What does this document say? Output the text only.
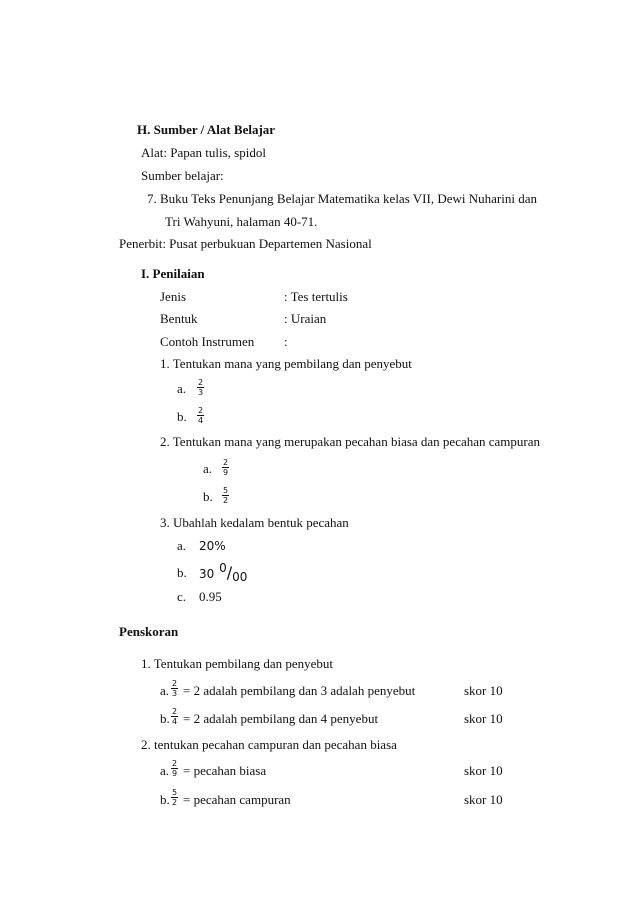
H. Sumber / Alat Belajar
Alat: Papan tulis, spidol
Sumber belajar:
7. Buku Teks Penunjang Belajar Matematika kelas VII, Dewi Nuharini dan
Tri Wahyuni, halaman 40-71.
Penerbit: Pusat perbukuan Departemen Nasional
I. Penilaian
Jenis	: Tes tertulis
Bentuk	: Uraian
Contoh Instrumen :
1. Tentukan mana yang pembilang dan penyebut
a. $\frac{2}{3}$
b. $\frac{2}{4}$
2. Tentukan mana yang merupakan pecahan biasa dan pecahan campuran
a. $\frac{2}{9}$
b. $\frac{5}{2}$
3. Ubahlah kedalam bentuk pecahan
a. 20%
b. 30 0/00
c. 0.95
Penskoran
1. Tentukan pembilang dan penyebut
a. $\frac{2}{3} = 2$ adalah pembilang dan 3 adalah penyebut	skor 10
b. $\frac{2}{4} = 2$ adalah pembilang dan 4 penyebut	skor 10
2. tentukan pecahan campuran dan pecahan biasa
a. $\frac{2}{9}$ = pecahan biasa	skor 10
b. $\frac{5}{2}$ = pecahan campuran	skor 10
